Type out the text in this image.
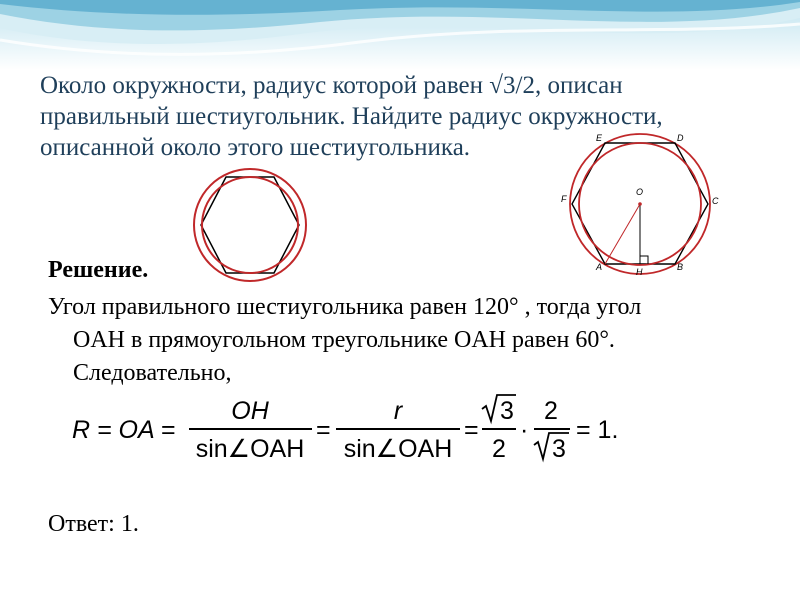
Около окружности, радиус которой равен √3/2, описан
правильный шестиугольник. Найдите радиус окружности,
описанной около этого шестиугольника.
O
E	D
F	C
A	B
H
Решение.
Угол правильного шестиугольника равен 120° , тогда угол
OAH в прямоугольном треугольнике OAH равен 60°.
Следовательно,
R = OA =
OH
sin∠OAH
=
r
sin∠OAH
=
3
2
·
2
3
= 1.
Ответ: 1.
